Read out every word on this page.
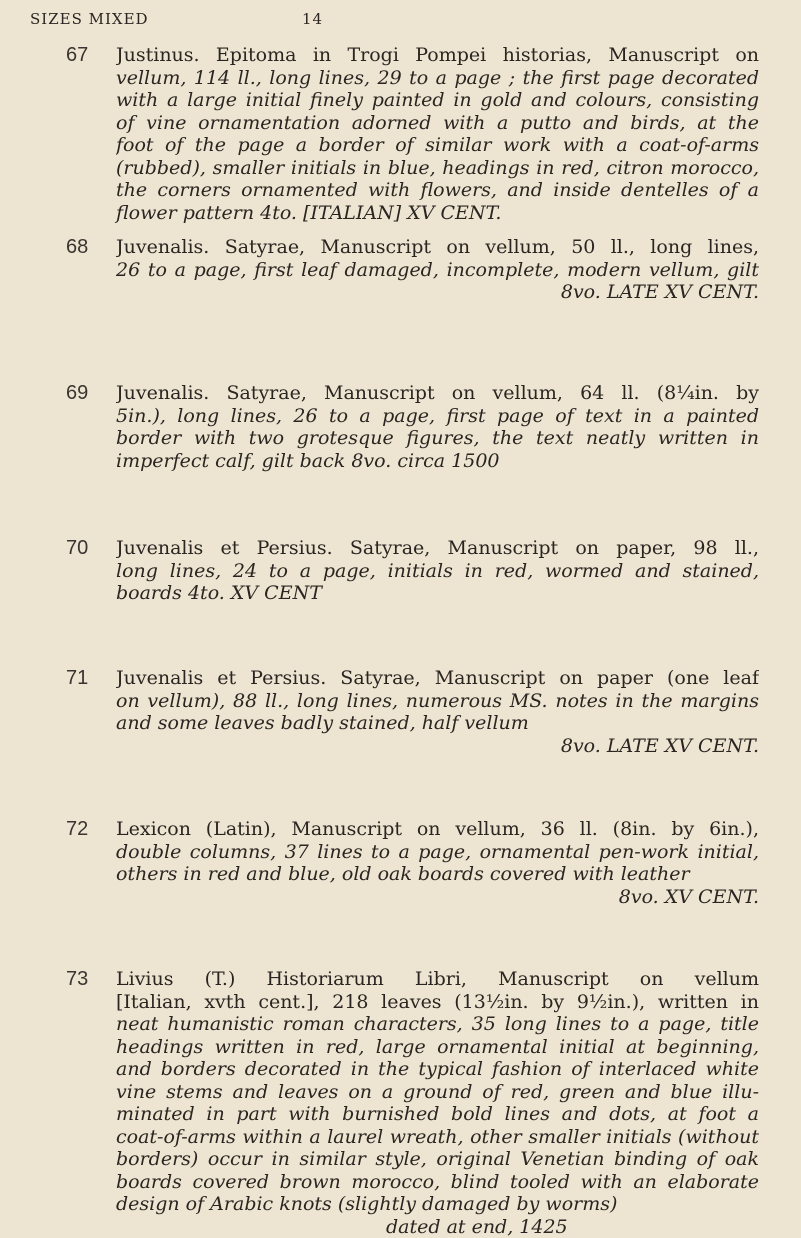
SIZES MIXED	14
67 Justinus. Epitoma in Trogi Pompei historias, Manuscript on
vellum, 114 ll., long lines, 29 to a page ; the first page decorated
with a large initial finely painted in gold and colours, consisting
of vine ornamentation adorned with a putto and birds, at the
foot of the page a border of similar work with a coat-of-arms
(rubbed), smaller initials in blue, headings in red, citron morocco,
the corners ornamented with flowers, and inside dentelles of a
flower pattern 4to. [ITALIAN] XV CENT.
68 Juvenalis. Satyrae, Manuscript on vellum, 50 ll., long lines,
26 to a page, first leaf damaged, incomplete, modern vellum, gilt
8vo. LATE XV CENT.
69 Juvenalis. Satyrae, Manuscript on vellum, 64 ll. (8¼in. by
5in.), long lines, 26 to a page, first page of text in a painted
border with two grotesque figures, the text neatly written in
imperfect calf, gilt back 8vo. circa 1500
70 Juvenalis et Persius. Satyrae, Manuscript on paper, 98 ll.,
long lines, 24 to a page, initials in red, wormed and stained,
boards 4to. XV CENT
71 Juvenalis et Persius. Satyrae, Manuscript on paper (one leaf
on vellum), 88 ll., long lines, numerous MS. notes in the margins
and some leaves badly stained, half vellum
8vo. LATE XV CENT.
72 Lexicon (Latin), Manuscript on vellum, 36 ll. (8in. by 6in.),
double columns, 37 lines to a page, ornamental pen-work initial,
others in red and blue, old oak boards covered with leather
8vo. XV CENT.
73 Livius (T.) Historiarum Libri, Manuscript on vellum
[Italian, xvth cent.], 218 leaves (13½in. by 9½in.), written in
neat humanistic roman characters, 35 long lines to a page, title
headings written in red, large ornamental initial at beginning,
and borders decorated in the typical fashion of interlaced white
vine stems and leaves on a ground of red, green and blue illu-
minated in part with burnished bold lines and dots, at foot a
coat-of-arms within a laurel wreath, other smaller initials (without
borders) occur in similar style, original Venetian binding of oak
boards covered brown morocco, blind tooled with an elaborate
design of Arabic knots (slightly damaged by worms)
dated at end, 1425
